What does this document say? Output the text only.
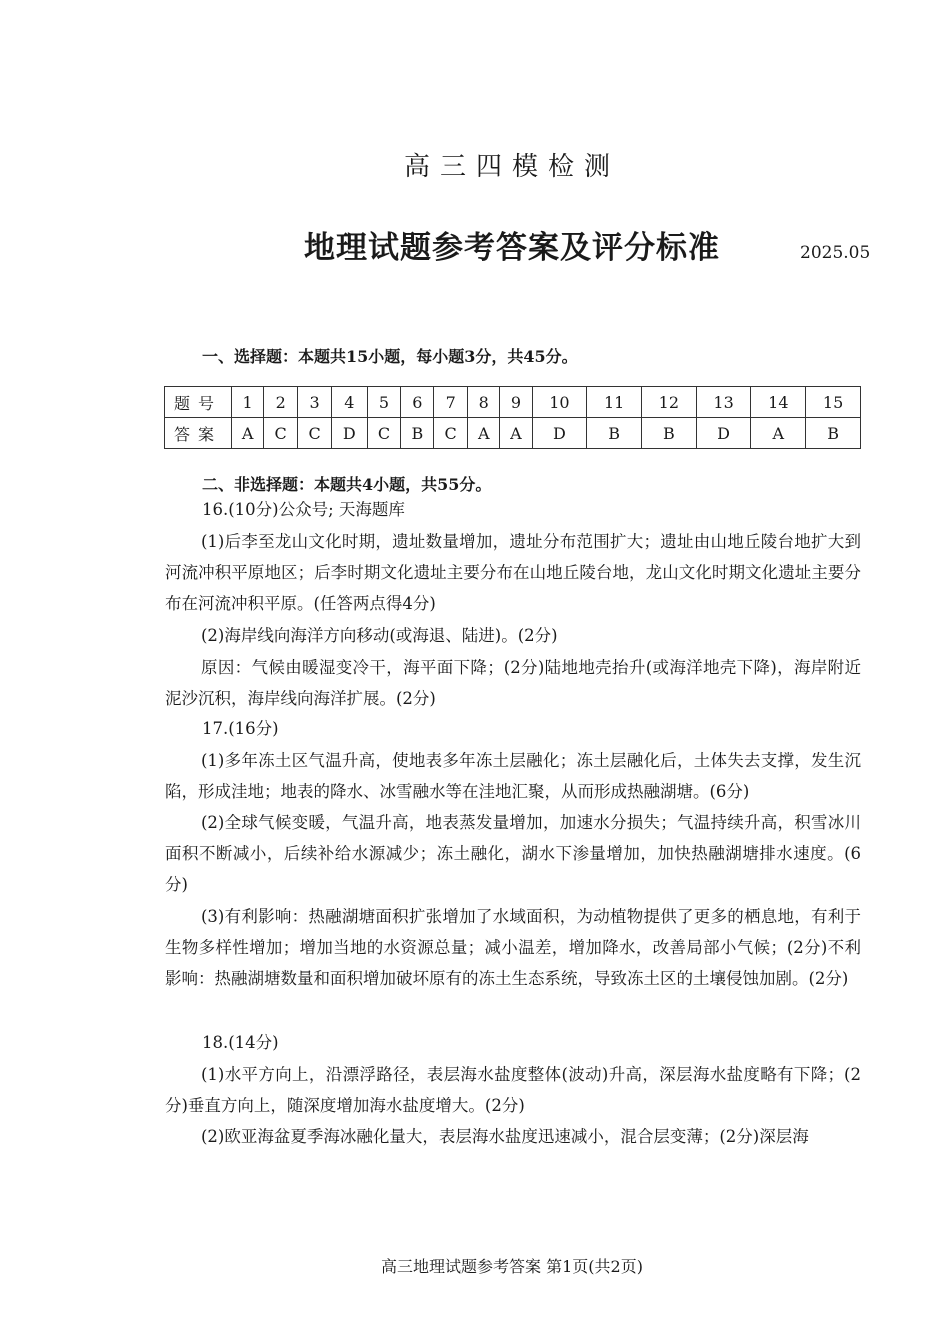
高三四模检测
地理试题参考答案及评分标准	2025.05
一、选择题：本题共15小题，每小题3分，共45分。
题号	1	2	3	4	5	6	7	8	9	10	11	12	13	14	15
答案	A	C	C	D	C	B	C	A	A	D	B	B	D	A	B
二、非选择题：本题共4小题，共55分。
16.(10分)公众号; 天海题库
(1)后李至龙山文化时期，遗址数量增加，遗址分布范围扩大；遗址由山地丘陵台地扩大到河流冲积平原地区；后李时期文化遗址主要分布在山地丘陵台地，龙山文化时期文化遗址主要分布在河流冲积平原。(任答两点得4分)
(2)海岸线向海洋方向移动(或海退、陆进)。(2分)
原因：气候由暖湿变冷干，海平面下降；(2分)陆地地壳抬升(或海洋地壳下降)，海岸附近泥沙沉积，海岸线向海洋扩展。(2分)
17.(16分)
(1)多年冻土区气温升高，使地表多年冻土层融化；冻土层融化后，土体失去支撑，发生沉陷，形成洼地；地表的降水、冰雪融水等在洼地汇聚，从而形成热融湖塘。(6分)
(2)全球气候变暖，气温升高，地表蒸发量增加，加速水分损失；气温持续升高，积雪冰川面积不断减小，后续补给水源减少；冻土融化，湖水下渗量增加，加快热融湖塘排水速度。(6分)
(3)有利影响：热融湖塘面积扩张增加了水域面积，为动植物提供了更多的栖息地，有利于生物多样性增加；增加当地的水资源总量；减小温差，增加降水，改善局部小气候；(2分)不利影响：热融湖塘数量和面积增加破坏原有的冻土生态系统，导致冻土区的土壤侵蚀加剧。(2分)
18.(14分)
(1)水平方向上，沿漂浮路径，表层海水盐度整体(波动)升高，深层海水盐度略有下降；(2分)垂直方向上，随深度增加海水盐度增大。(2分)
(2)欧亚海盆夏季海冰融化量大，表层海水盐度迅速减小，混合层变薄；(2分)深层海
高三地理试题参考答案 第1页(共2页)
